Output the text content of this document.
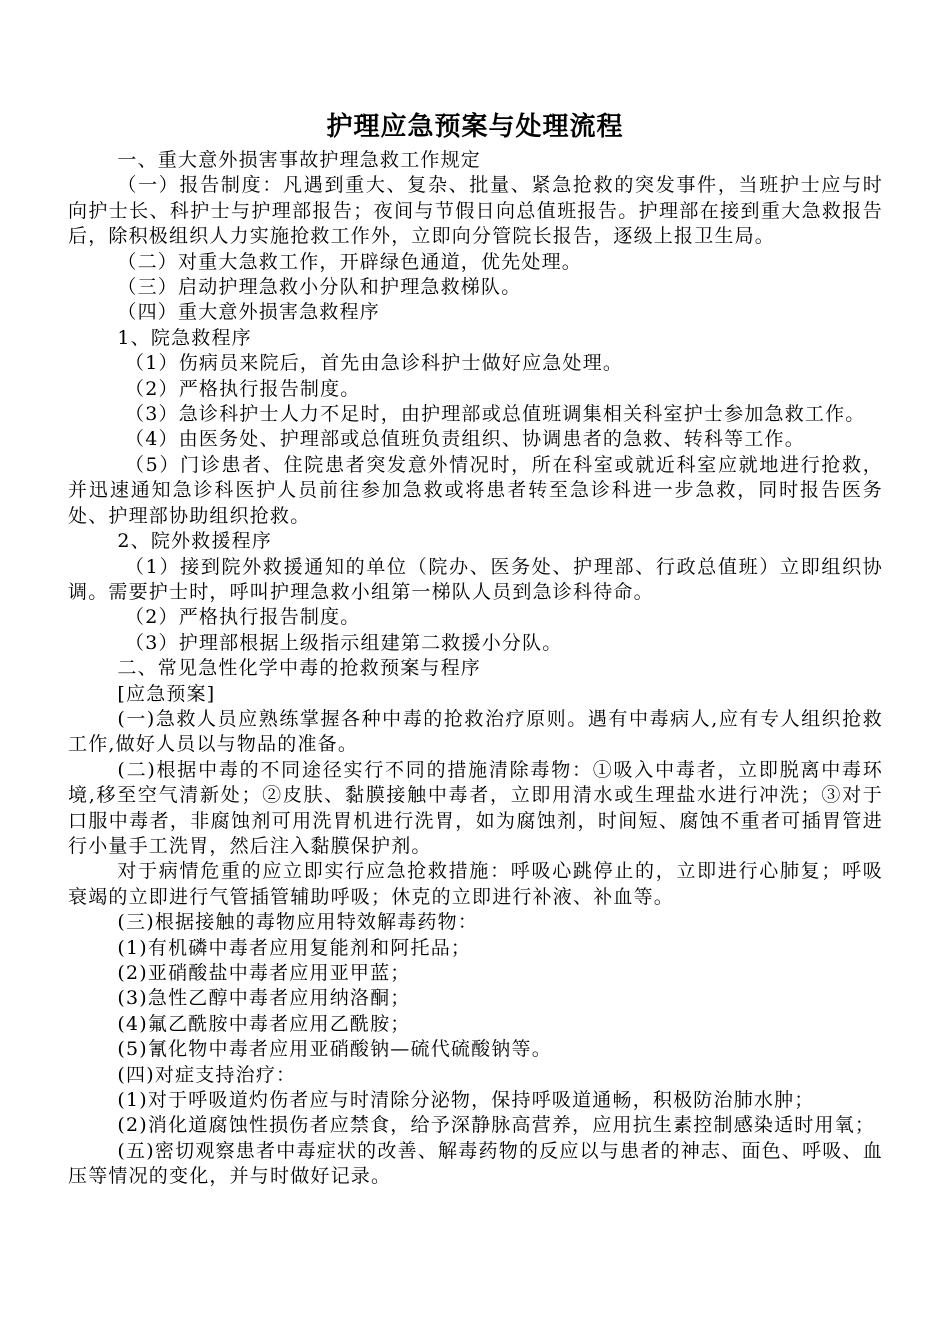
护理应急预案与处理流程

一、重大意外损害事故护理急救工作规定

（一）报告制度：凡遇到重大、复杂、批量、紧急抢救的突发事件，当班护士应与时向护士长、科护士与护理部报告；夜间与节假日向总值班报告。护理部在接到重大急救报告后，除积极组织人力实施抢救工作外，立即向分管院长报告，逐级上报卫生局。

（二）对重大急救工作，开辟绿色通道，优先处理。

（三）启动护理急救小分队和护理急救梯队。

（四）重大意外损害急救程序

1、院急救程序

（1）伤病员来院后，首先由急诊科护士做好应急处理。

（2）严格执行报告制度。

（3）急诊科护士人力不足时，由护理部或总值班调集相关科室护士参加急救工作。

（4）由医务处、护理部或总值班负责组织、协调患者的急救、转科等工作。

（5）门诊患者、住院患者突发意外情况时，所在科室或就近科室应就地进行抢救，并迅速通知急诊科医护人员前往参加急救或将患者转至急诊科进一步急救，同时报告医务处、护理部协助组织抢救。

2、院外救援程序

（1）接到院外救援通知的单位（院办、医务处、护理部、行政总值班）立即组织协调。需要护士时，呼叫护理急救小组第一梯队人员到急诊科待命。

（2）严格执行报告制度。

（3）护理部根据上级指示组建第二救援小分队。

二、常见急性化学中毒的抢救预案与程序

[应急预案]

(一)急救人员应熟练掌握各种中毒的抢救治疗原则。遇有中毒病人,应有专人组织抢救工作,做好人员以与物品的准备。

(二)根据中毒的不同途径实行不同的措施清除毒物：①吸入中毒者，立即脱离中毒环境,移至空气清新处；②皮肤、黏膜接触中毒者，立即用清水或生理盐水进行冲洗；③对于口服中毒者，非腐蚀剂可用洗胃机进行洗胃，如为腐蚀剂，时间短、腐蚀不重者可插胃管进行小量手工洗胃，然后注入黏膜保护剂。

对于病情危重的应立即实行应急抢救措施：呼吸心跳停止的，立即进行心肺复；呼吸衰竭的立即进行气管插管辅助呼吸；休克的立即进行补液、补血等。

(三)根据接触的毒物应用特效解毒药物：

(1)有机磷中毒者应用复能剂和阿托品；

(2)亚硝酸盐中毒者应用亚甲蓝；

(3)急性乙醇中毒者应用纳洛酮；

(4)氟乙酰胺中毒者应用乙酰胺；

(5)氰化物中毒者应用亚硝酸钠—硫代硫酸钠等。

(四)对症支持治疗：

(1)对于呼吸道灼伤者应与时清除分泌物，保持呼吸道通畅，积极防治肺水肿；

(2)消化道腐蚀性损伤者应禁食，给予深静脉高营养，应用抗生素控制感染适时用氧；

(五)密切观察患者中毒症状的改善、解毒药物的反应以与患者的神志、面色、呼吸、血压等情况的变化，并与时做好记录。
